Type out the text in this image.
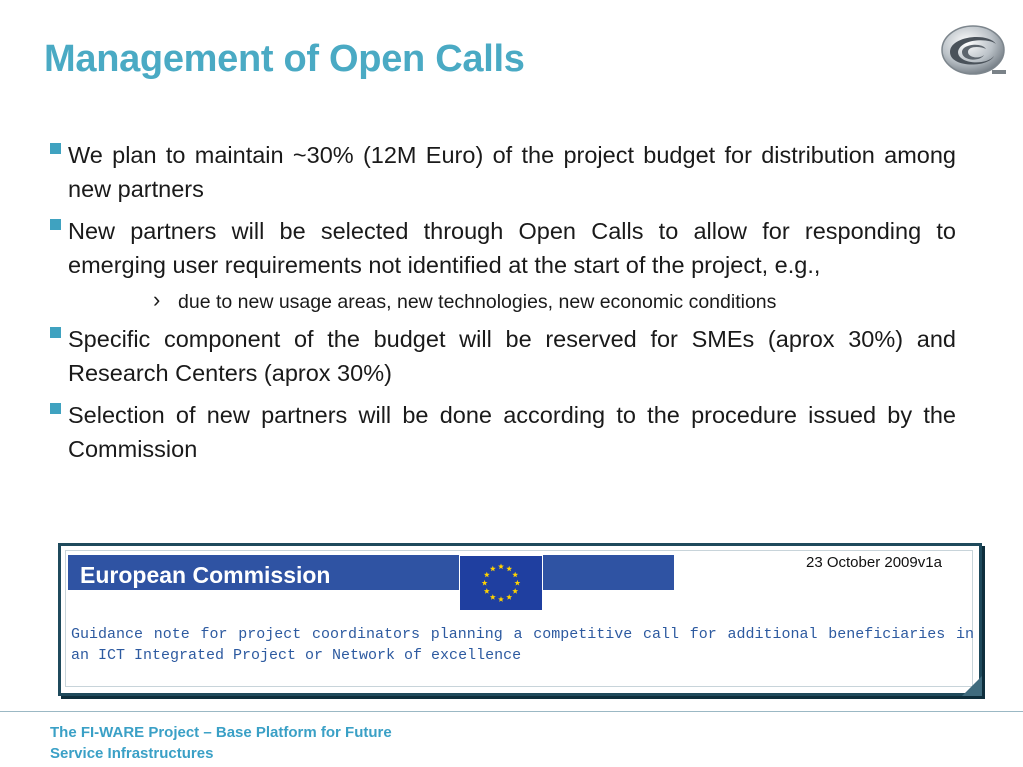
Management of Open Calls
We plan to maintain ~30% (12M Euro) of the project budget for distribution among new partners
New partners will be selected through Open Calls to allow for responding to emerging user requirements not identified at the start of the project, e.g.,
› due to new usage areas, new technologies, new economic conditions
Specific component of the budget will be reserved for SMEs (aprox 30%) and Research Centers (aprox 30%)
Selection of new partners will be done according to the procedure issued by the Commission
European Commission	23 October 2009v1a
Guidance note for project coordinators planning a competitive call for additional beneficiaries in an ICT Integrated Project or Network of excellence
The FI-WARE Project – Base Platform for Future
Service Infrastructures
